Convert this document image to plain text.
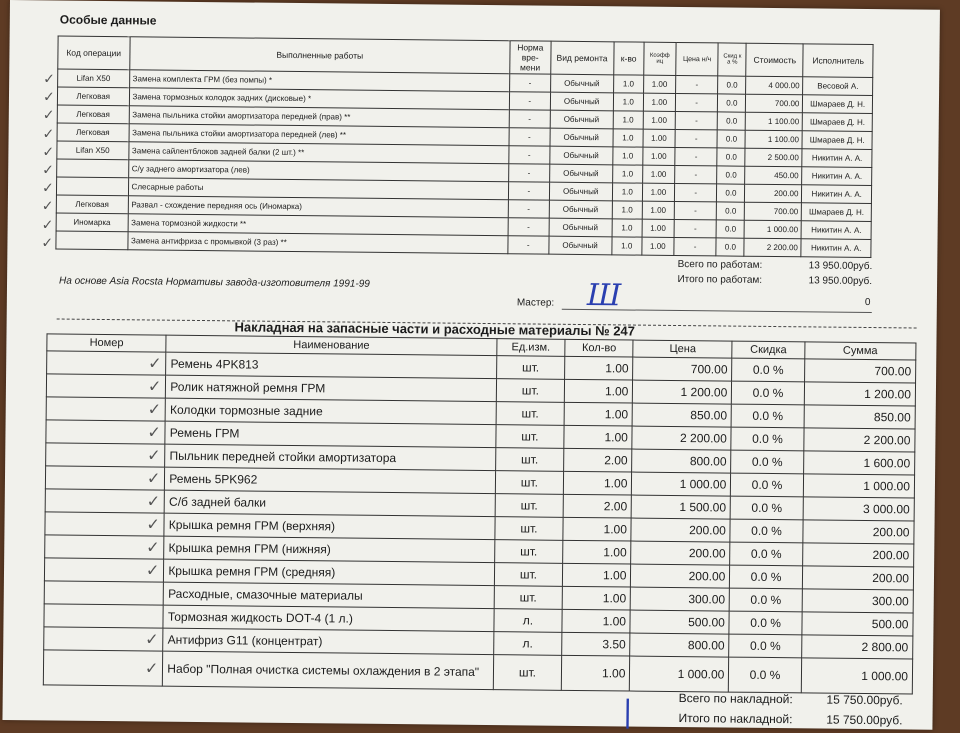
Особые данные
Код операции	Выполненные работы	Норма вре-мени	Вид ремонта	к-во	Коэфф иц	Цена н/ч	Скид к а %	Стоимость	Исполнитель
Lifan X50	Замена комплекта ГРМ (без помпы) *	-	Обычный	1.0	1.00	-	0.0	4 000.00	Весовой А.
Легковая	Замена тормозных колодок задних (дисковые) *	-	Обычный	1.0	1.00	-	0.0	700.00	Шмараев Д. Н.
Легковая	Замена пыльника стойки амортизатора передней (прав) **	-	Обычный	1.0	1.00	-	0.0	1 100.00	Шмараев Д. Н.
Легковая	Замена пыльника стойки амортизатора передней (лев) **	-	Обычный	1.0	1.00	-	0.0	1 100.00	Шмараев Д. Н.
Lifan X50	Замена сайлентблоков задней балки (2 шт.) **	-	Обычный	1.0	1.00	-	0.0	2 500.00	Никитин А. А.
	С/у заднего амортизатора (лев)	-	Обычный	1.0	1.00	-	0.0	450.00	Никитин А. А.
	Слесарные работы	-	Обычный	1.0	1.00	-	0.0	200.00	Никитин А. А.
Легковая	Развал - схождение передняя ось (Иномарка)	-	Обычный	1.0	1.00	-	0.0	700.00	Шмараев Д. Н.
Иномарка	Замена тормозной жидкости **	-	Обычный	1.0	1.00	-	0.0	1 000.00	Никитин А. А.
	Замена антифриза с промывкой (3 раз) **	-	Обычный	1.0	1.00	-	0.0	2 200.00	Никитин А. А.
✓
✓
✓
✓
✓
✓
✓
✓
✓
✓
Всего по работам:	13 950.00руб.
Итого по работам:	13 950.00руб.
На основе Asia Rocsta Нормативы завода-изготовителя 1991-99
Мастер: Ш	0
Накладная на запасные части и расходные материалы № 247
Номер	Наименование	Ед.изм.	Кол-во	Цена	Скидка	Сумма
✓	Ремень 4PK813	шт.	1.00	700.00	0.0 %	700.00
✓	Ролик натяжной ремня ГРМ	шт.	1.00	1 200.00	0.0 %	1 200.00
✓	Колодки тормозные задние	шт.	1.00	850.00	0.0 %	850.00
✓	Ремень ГРМ	шт.	1.00	2 200.00	0.0 %	2 200.00
✓	Пыльник передней стойки амортизатора	шт.	2.00	800.00	0.0 %	1 600.00
✓	Ремень 5PK962	шт.	1.00	1 000.00	0.0 %	1 000.00
✓	С/б задней балки	шт.	2.00	1 500.00	0.0 %	3 000.00
✓	Крышка ремня ГРМ (верхняя)	шт.	1.00	200.00	0.0 %	200.00
✓	Крышка ремня ГРМ (нижняя)	шт.	1.00	200.00	0.0 %	200.00
✓	Крышка ремня ГРМ (средняя)	шт.	1.00	200.00	0.0 %	200.00
	Расходные, смазочные материалы	шт.	1.00	300.00	0.0 %	300.00
	Тормозная жидкость DOT-4 (1 л.)	л.	1.00	500.00	0.0 %	500.00
✓	Антифриз G11 (концентрат)	л.	3.50	800.00	0.0 %	2 800.00
✓	Набор "Полная очистка системы охлаждения в 2 этапа"	шт.	1.00	1 000.00	0.0 %	1 000.00
Всего по накладной:	15 750.00руб.
Итого по накладной:	15 750.00руб.
|
